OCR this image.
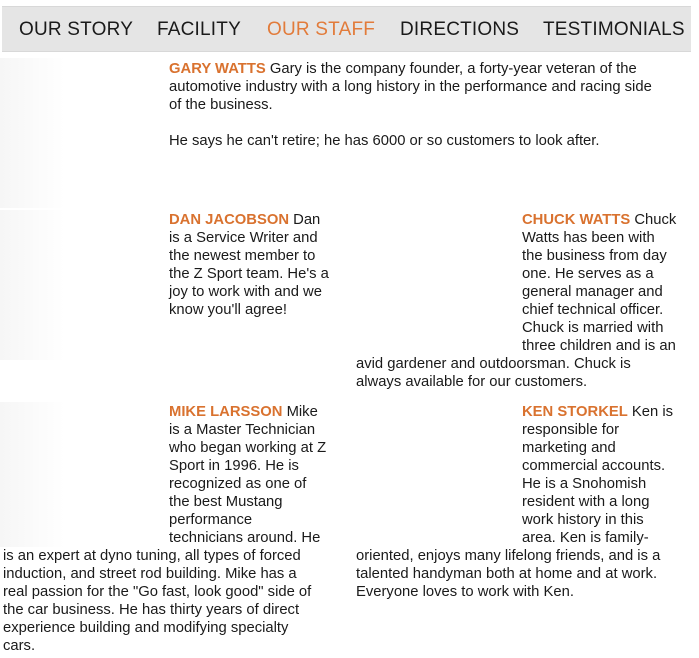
OUR STORY FACILITY OUR STAFF DIRECTIONS TESTIMONIALS
GARY WATTS Gary is the company founder, a forty-year veteran of the
automotive industry with a long history in the performance and racing side
of the business.
He says he can't retire; he has 6000 or so customers to look after.
DAN JACOBSON Dan
is a Service Writer and
the newest member to
the Z Sport team. He's a
joy to work with and we
know you'll agree!
CHUCK WATTS Chuck
Watts has been with
the business from day
one. He serves as a
general manager and
chief technical officer.
Chuck is married with
three children and is an
avid gardener and outdoorsman. Chuck is
always available for our customers.
MIKE LARSSON Mike
is a Master Technician
who began working at Z
Sport in 1996. He is
recognized as one of
the best Mustang
performance
technicians around. He
is an expert at dyno tuning, all types of forced
induction, and street rod building. Mike has a
real passion for the "Go fast, look good" side of
the car business. He has thirty years of direct
experience building and modifying specialty
cars.
KEN STORKEL Ken is
responsible for
marketing and
commercial accounts.
He is a Snohomish
resident with a long
work history in this
area. Ken is family-
oriented, enjoys many lifelong friends, and is a
talented handyman both at home and at work.
Everyone loves to work with Ken.
